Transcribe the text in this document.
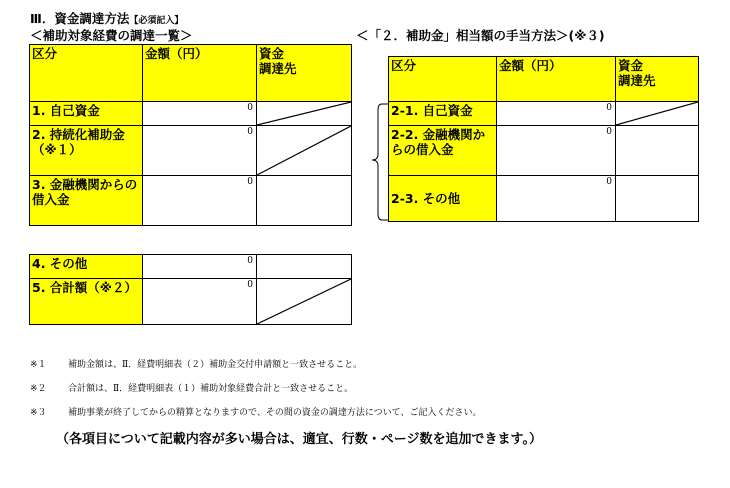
Ⅲ．資金調達方法【必須記入】
＜補助対象経費の調達一覧＞	＜「２．補助金」相当額の手当方法＞(※３)
区分	金額（円）	資金
調達先
1. 自己資金	0	

2. 持続化補助金（※１）	0	

3. 金融機関からの借入金	0	
4. その他	0	
5. 合計額（※２）	0	
区分	金額（円）	資金
調達先
2-1. 自己資金	0	

2-2. 金融機関からの借入金	0	
2-3. その他	0	
※１ 補助金額は、Ⅱ．経費明細表（２）補助金交付申請額と一致させること。
※２ 合計額は、Ⅱ．経費明細表（１）補助対象経費合計と一致させること。
※３ 補助事業が終了してからの精算となりますので、その間の資金の調達方法について、ご記入ください。
（各項目について記載内容が多い場合は、適宜、行数・ページ数を追加できます。）
